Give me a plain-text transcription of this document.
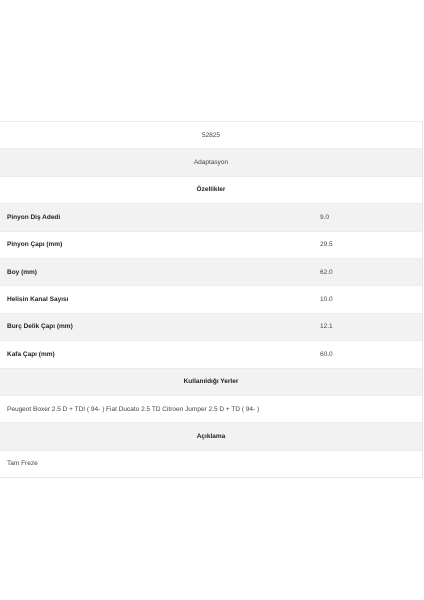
52825
Adaptasyon
Özellikler
Pinyon Diş Adedi	9.0
Pinyon Çapı (mm)	29.5
Boy (mm)	62.0
Helisin Kanal Sayısı	10.0
Burç Delik Çapı (mm)	12.1
Kafa Çapı (mm)	60.0
Kullanıldığı Yerler
Peugeot Boxer 2.5 D + TDI ( 94- ) Fiat Ducato 2.5 TD Citroen Jumper 2.5 D + TD ( 94- )
Açıklama
Tam Freze
